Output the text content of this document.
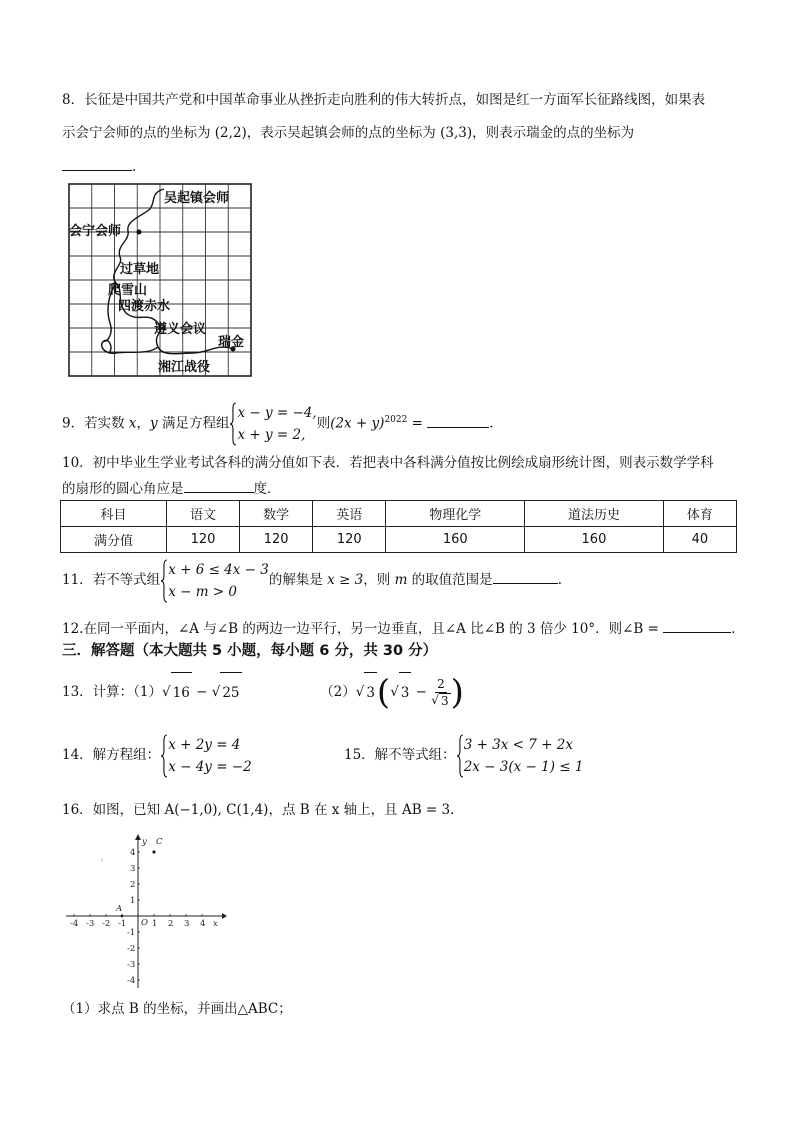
8．长征是中国共产党和中国革命事业从挫折走向胜利的伟大转折点，如图是红一方面军长征路线图，如果表
示会宁会师的点的坐标为 (2,2)，表示吴起镇会师的点的坐标为 (3,3)，则表示瑞金的点的坐标为
.
吴起镇会师
会宁会师
过草地
爬雪山
四渡赤水
遵义会议
瑞金
湘江战役
9．若实数 x，y 满足方程组
x − y = −4,
x + y = 2,
则$(2x + y)^{2022}$ =	.
10．初中毕业生学业考试各科的满分值如下表．若把表中各科满分值按比例绘成扇形统计图，则表示数学学科
的扇形的圆心角应是	度．
科目	语文	数学	英语	物理化学	道法历史	体育
满分值	120	120	120	160	160	40
11．若不等式组
x + 6 ≤ 4x − 3
x − m > 0
的解集是 x ≥ 3，则 m 的取值范围是	．
12.在同一平面内，∠A 与∠B 的两边一边平行，另一边垂直，且∠A 比∠B 的 3 倍少 10°．则∠B =	．
三．解答题（本大题共 5 小题，每小题 6 分，共 30 分）
13．计算：（1）√ 16 − √ 25	（2）√ 3 (√ $3 - \frac{2}{√ 3}$ )
14．解方程组：
x + 2y = 4
x − 4y = −2
15．解不等式组：
3 + 3x < 7 + 2x
2x − 3(x − 1) ≤ 1
16．如图，已知 A(−1,0), C(1,4)，点 B 在 x 轴上，且 AB = 3．
-4 -3 -2 -1	1 2 3 4
4
3
2
1
-1
-2
-3
-4
O	x
y
A
C
（1）求点 B 的坐标，并画出△ABC；
